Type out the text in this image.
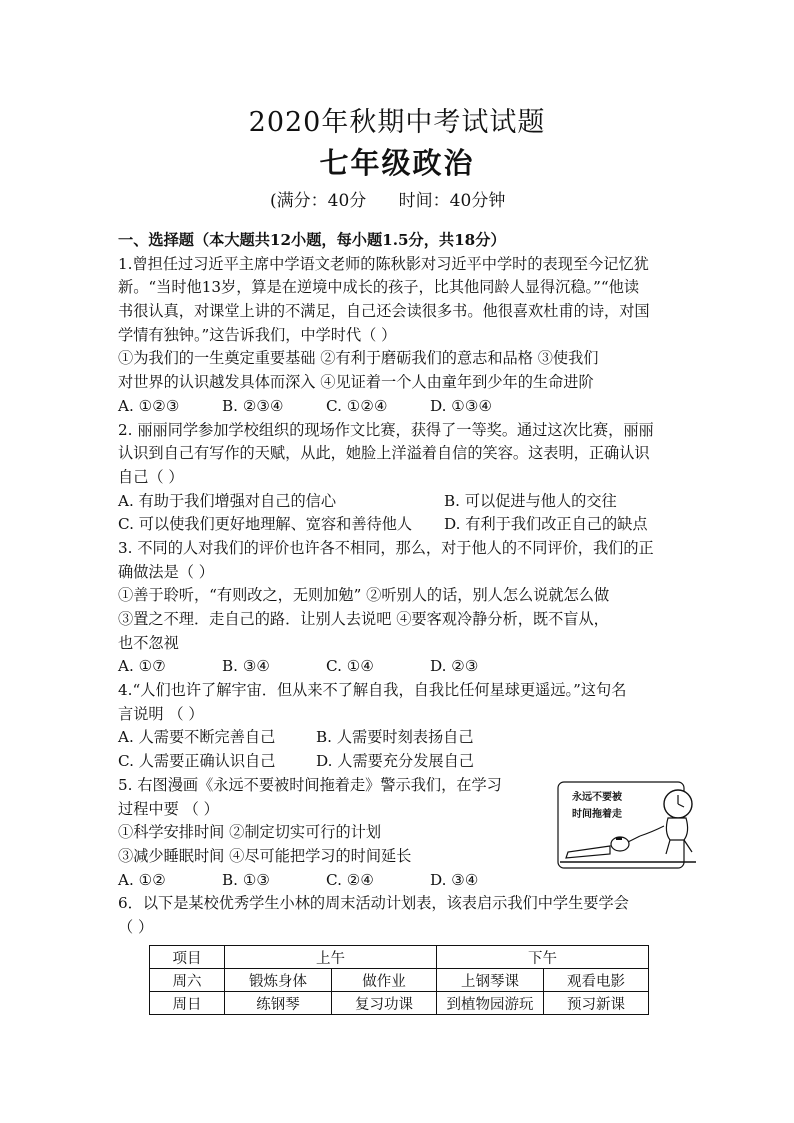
2020年秋期中考试试题
七年级政治
(满分：40分      时间：40分钟
一、选择题（本大题共12小题，每小题1.5分，共18分）
1.曾担任过习近平主席中学语文老师的陈秋影对习近平中学时的表现至今记忆犹
新。“当时他13岁，算是在逆境中成长的孩子，比其他同龄人显得沉稳。”“他读
书很认真，对课堂上讲的不满足，自己还会读很多书。他很喜欢杜甫的诗，对国
学情有独钟。”这告诉我们，中学时代（ ）
①为我们的一生奠定重要基础 ②有利于磨砺我们的意志和品格 ③使我们
对世界的认识越发具体而深入 ④见证着一个人由童年到少年的生命进阶
A. ①②③	B. ②③④	C. ①②④	D. ①③④
2. 丽丽同学参加学校组织的现场作文比赛，获得了一等奖。通过这次比赛，丽丽
认识到自己有写作的天赋，从此，她脸上洋溢着自信的笑容。这表明，正确认识
自己（ ）
A. 有助于我们增强对自己的信心	B. 可以促进与他人的交往
C. 可以使我们更好地理解、宽容和善待他人 D. 有利于我们改正自己的缺点
3. 不同的人对我们的评价也许各不相同，那么，对于他人的不同评价，我们的正
确做法是（ ）
①善于聆听，“有则改之，无则加勉” ②听别人的话，别人怎么说就怎么做
③置之不理．走自己的路．让别人去说吧 ④要客观冷静分析，既不盲从，
也不忽视
A. ①⑦	B. ③④	C. ①④	D. ②③
4.“人们也许了解宇宙．但从来不了解自我，自我比任何星球更遥远。”这句名
言说明 （ ）
A. 人需要不断完善自己	B. 人需要时刻表扬自己
C. 人需要正确认识自己	D. 人需要充分发展自己
5. 右图漫画《永远不要被时间拖着走》警示我们，在学习
过程中要 （ ）
①科学安排时间 ②制定切实可行的计划
③减少睡眠时间 ④尽可能把学习的时间延长
A. ①②	B. ①③	C. ②④	D. ③④
永远不要被
时间拖着走
6．以下是某校优秀学生小林的周末活动计划表，该表启示我们中学生要学会
（ ）
项目	上午		下午	
周六	锻炼身体	做作业	上钢琴课	观看电影
周日	练钢琴	复习功课	到植物园游玩	预习新课
